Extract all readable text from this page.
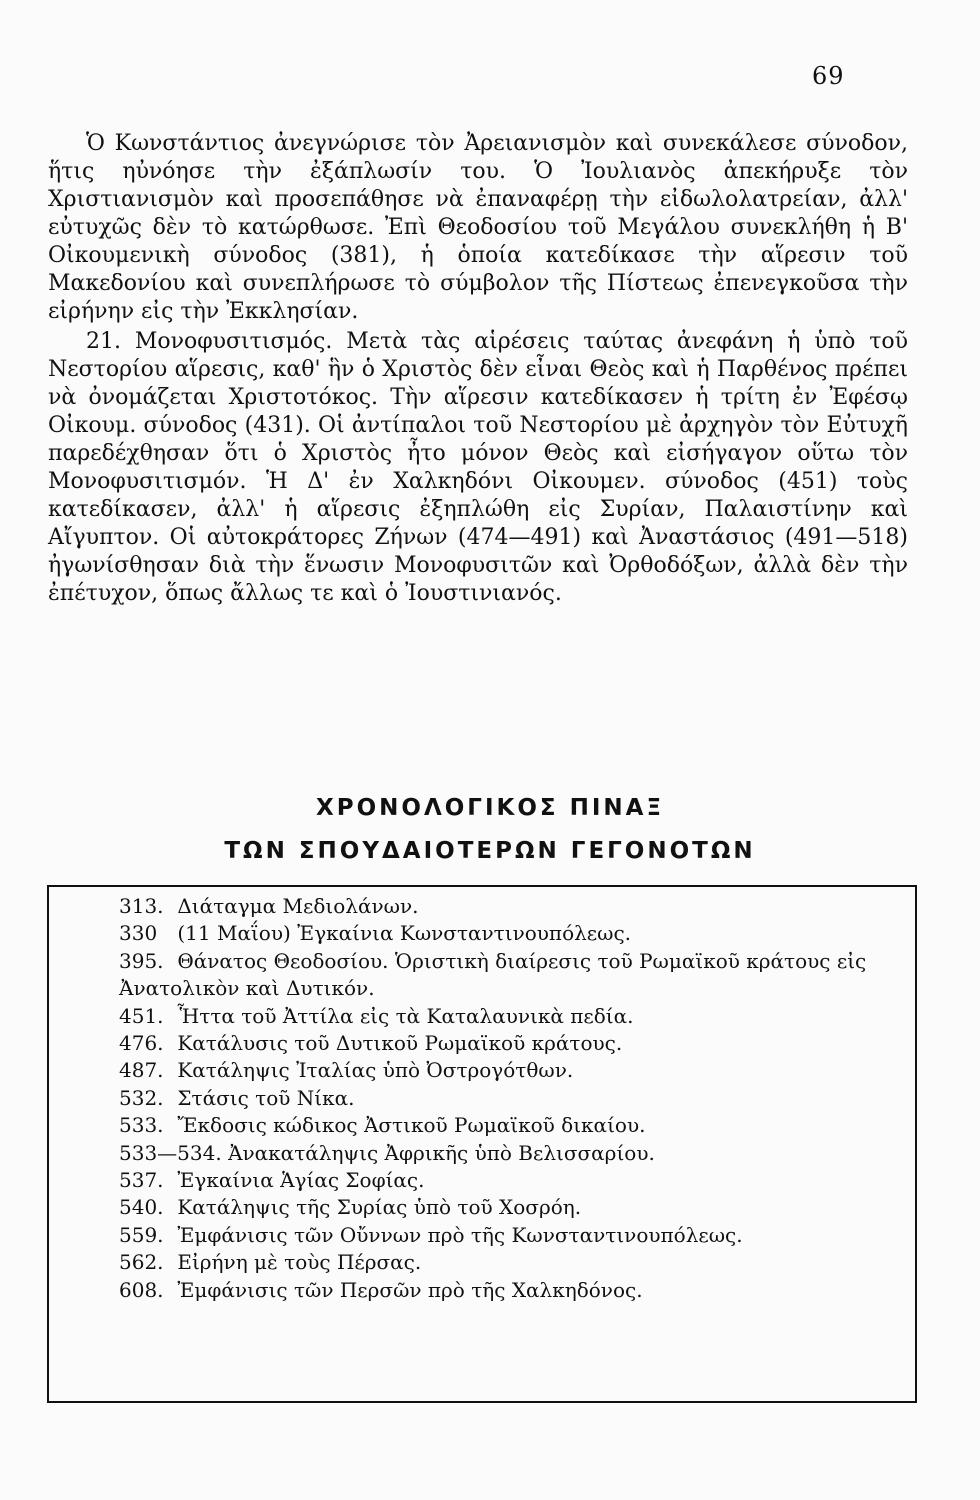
69

Ὁ Κωνστάντιος ἀνεγνώρισε τὸν Ἀρειανισμὸν καὶ συνεκάλεσε σύνοδον, ἥτις ηὐνόησε τὴν ἐξάπλωσίν του. Ὁ Ἰουλιανὸς ἀπεκήρυξε τὸν Χριστιανισμὸν καὶ προσεπάθησε νὰ ἐπαναφέρῃ τὴν εἰδωλολατρείαν, ἀλλ' εὐτυχῶς δὲν τὸ κατώρθωσε. Ἐπὶ Θεοδοσίου τοῦ Μεγάλου συνεκλήθη ἡ Β' Οἰκουμενικὴ σύνοδος (381), ἡ ὁποία κατεδίκασε τὴν αἵρεσιν τοῦ Μακεδονίου καὶ συνεπλήρωσε τὸ σύμβολον τῆς Πίστεως ἐπενεγκοῦσα τὴν εἰρήνην εἰς τὴν Ἐκκλησίαν.

21. Μονοφυσιτισμός. Μετὰ τὰς αἱρέσεις ταύτας ἀνεφάνη ἡ ὑπὸ τοῦ Νεστορίου αἵρεσις, καθ' ἣν ὁ Χριστὸς δὲν εἶναι Θεὸς καὶ ἡ Παρθένος πρέπει νὰ ὀνομάζεται Χριστοτόκος. Τὴν αἵρεσιν κατεδίκασεν ἡ τρίτη ἐν Ἐφέσῳ Οἰκουμ. σύνοδος (431). Οἱ ἀντίπαλοι τοῦ Νεστορίου μὲ ἀρχηγὸν τὸν Εὐτυχῆ παρεδέχθησαν ὅτι ὁ Χριστὸς ἦτο μόνον Θεὸς καὶ εἰσήγαγον οὕτω τὸν Μονοφυσιτισμόν. Ἡ Δ' ἐν Χαλκηδόνι Οἰκουμεν. σύνοδος (451) τοὺς κατεδίκασεν, ἀλλ' ἡ αἵρεσις ἐξηπλώθη εἰς Συρίαν, Παλαιστίνην καὶ Αἴγυπτον. Οἱ αὐτοκράτορες Ζήνων (474—491) καὶ Ἀναστάσιος (491—518) ἠγωνίσθησαν διὰ τὴν ἕνωσιν Μονοφυσιτῶν καὶ Ὀρθοδόξων, ἀλλὰ δὲν τὴν ἐπέτυχον, ὅπως ἄλλως τε καὶ ὁ Ἰουστινιανός.

ΧΡΟΝΟΛΟΓΙΚΟΣ ΠΙΝΑΞ
ΤΩΝ ΣΠΟΥΔΑΙΟΤΕΡΩΝ ΓΕΓΟΝΟΤΩΝ
313. Διάταγμα Μεδιολάνων.
330 (11 Μαΐου) Ἐγκαίνια Κωνσταντινουπόλεως.
395. Θάνατος Θεοδοσίου. Ὁριστικὴ διαίρεσις τοῦ Ρωμαϊκοῦ κράτους εἰς Ἀνατολικὸν καὶ Δυτικόν.
451. Ἧττα τοῦ Ἀττίλα εἰς τὰ Καταλαυνικὰ πεδία.
476. Κατάλυσις τοῦ Δυτικοῦ Ρωμαϊκοῦ κράτους.
487. Κατάληψις Ἰταλίας ὑπὸ Ὀστρογότθων.
532. Στάσις τοῦ Νίκα.
533. Ἔκδοσις κώδικος Ἀστικοῦ Ρωμαϊκοῦ δικαίου.
533—534. Ἀνακατάληψις Ἀφρικῆς ὑπὸ Βελισσαρίου.
537. Ἐγκαίνια Ἁγίας Σοφίας.
540. Κατάληψις τῆς Συρίας ὑπὸ τοῦ Χοσρόη.
559. Ἐμφάνισις τῶν Οὔννων πρὸ τῆς Κωνσταντινουπόλεως.
562. Εἰρήνη μὲ τοὺς Πέρσας.
608. Ἐμφάνισις τῶν Περσῶν πρὸ τῆς Χαλκηδόνος.
